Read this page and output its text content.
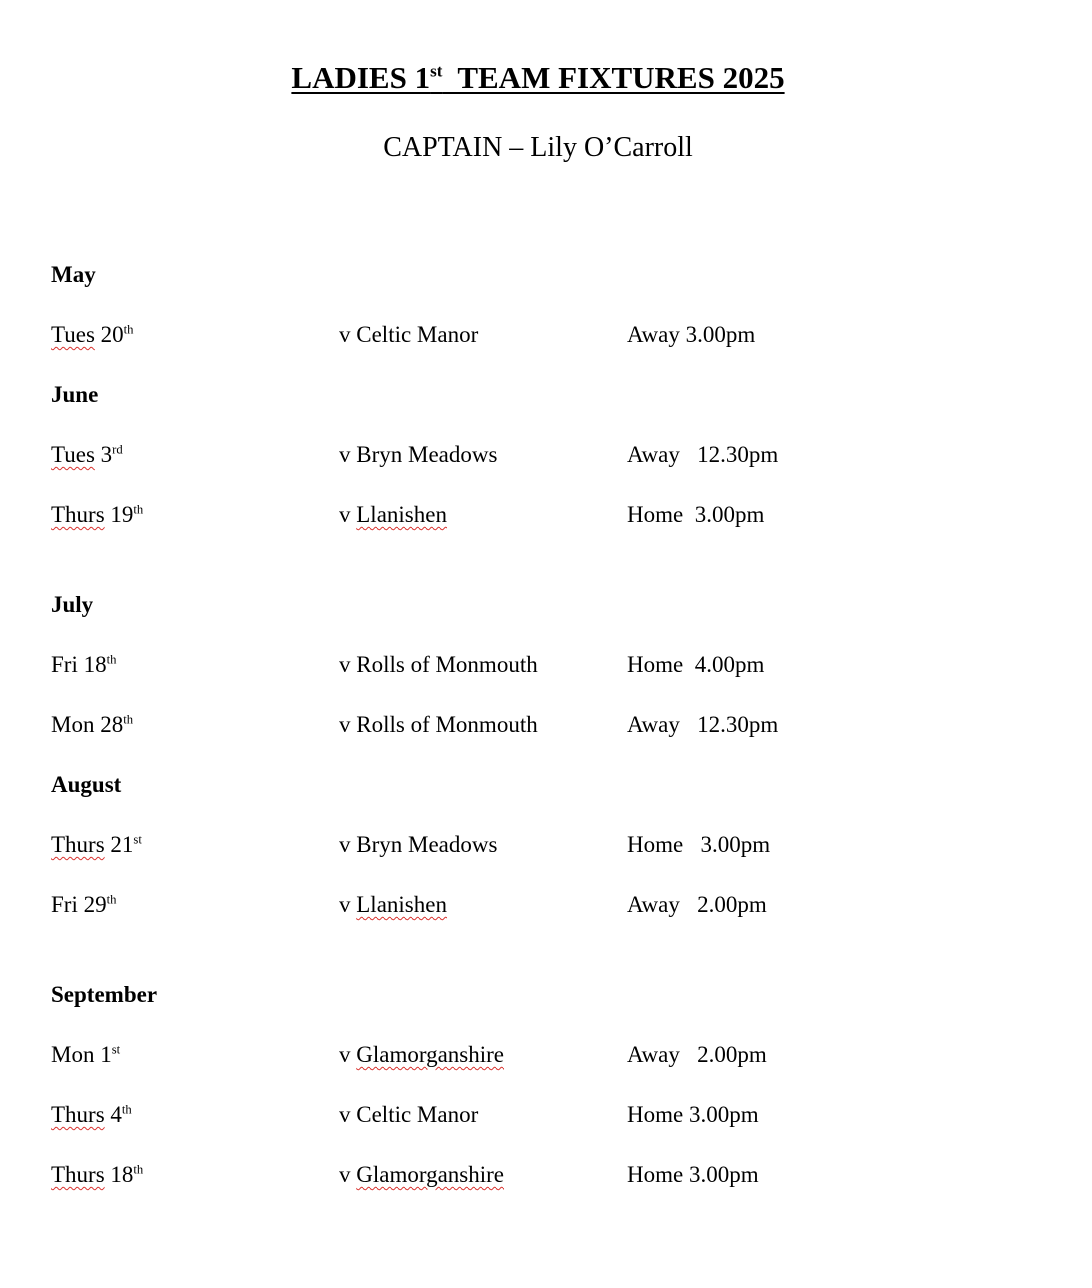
LADIES 1st  TEAM FIXTURES 2025
CAPTAIN – Lily O’Carroll
May
Tues 20th	v Celtic Manor	Away 3.00pm
June
Tues 3rd	v Bryn Meadows	Away   12.30pm
Thurs 19th	v Llanishen	Home  3.00pm
July
Fri 18th	v Rolls of Monmouth	Home  4.00pm
Mon 28th	v Rolls of Monmouth	Away   12.30pm
August
Thurs 21st	v Bryn Meadows	Home   3.00pm
Fri 29th	v Llanishen	Away   2.00pm
September
Mon 1st	v Glamorganshire	Away   2.00pm
Thurs 4th	v Celtic Manor	Home 3.00pm
Thurs 18th	v Glamorganshire	Home 3.00pm
